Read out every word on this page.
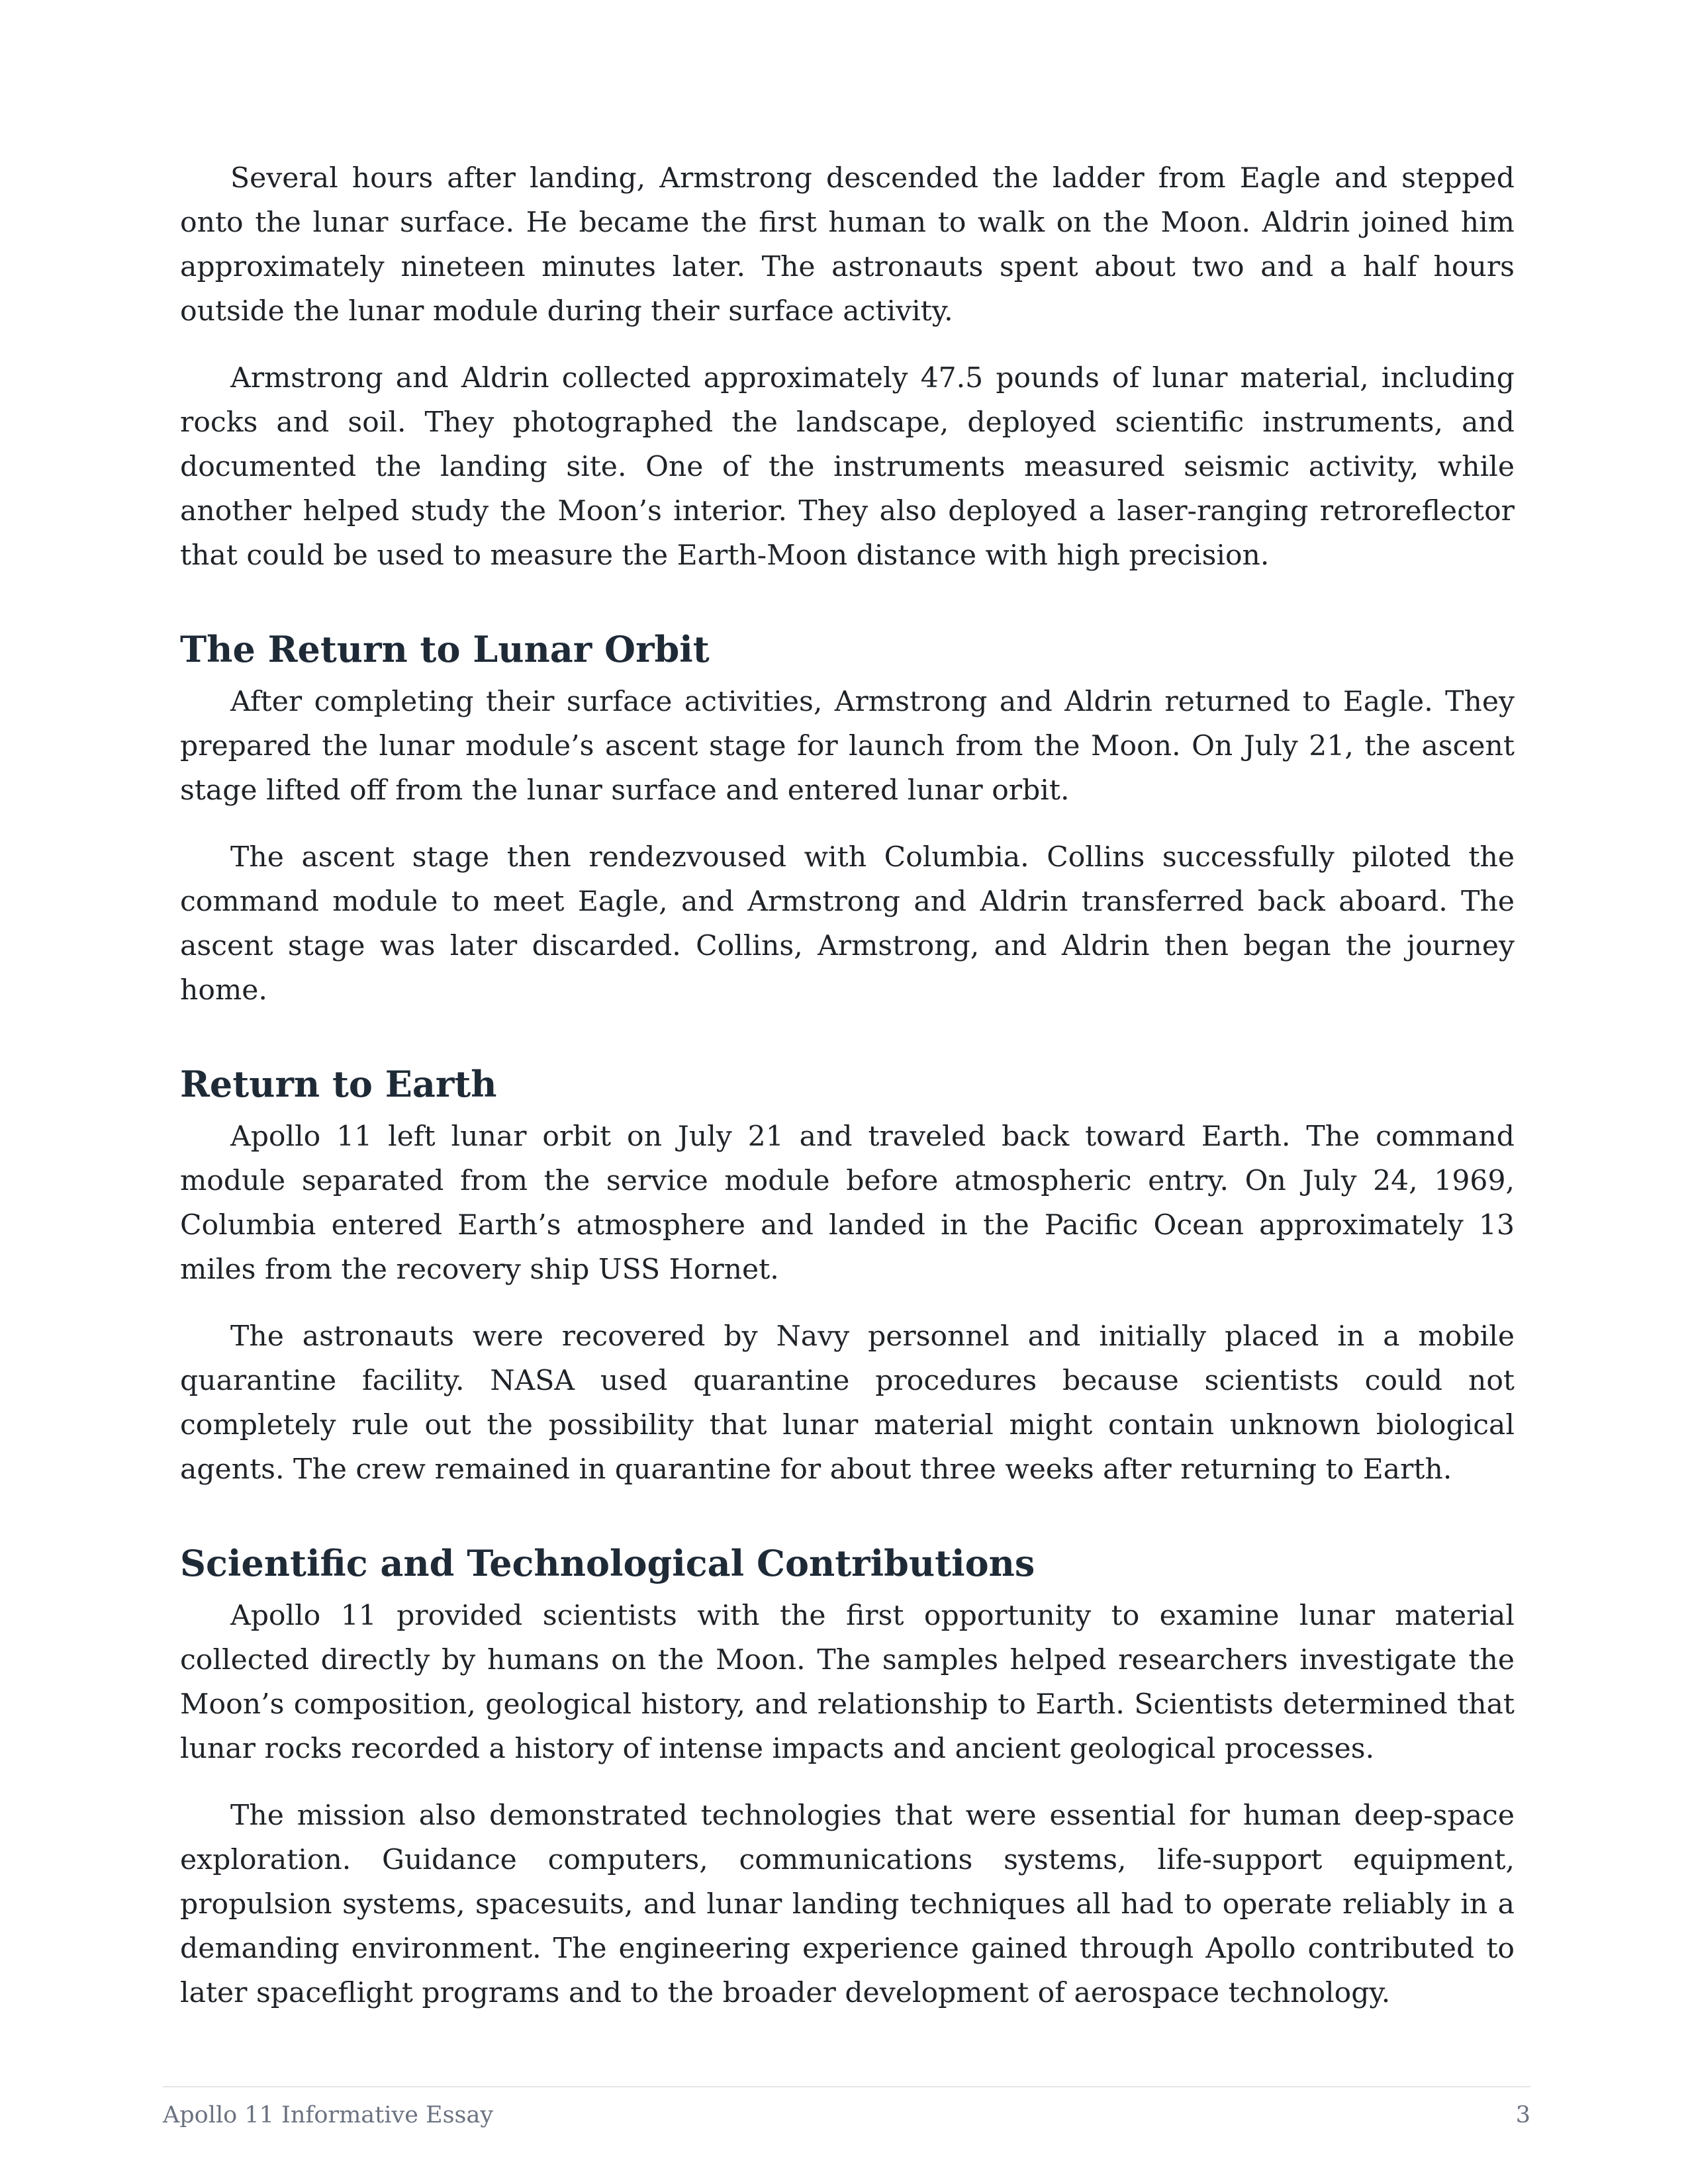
Several hours after landing, Armstrong descended the ladder from Eagle and stepped onto the lunar surface. He became the first human to walk on the Moon. Aldrin joined him approximately nineteen minutes later. The astronauts spent about two and a half hours outside the lunar module during their surface activity.

Armstrong and Aldrin collected approximately 47.5 pounds of lunar material, including rocks and soil. They photographed the landscape, deployed scientific instruments, and documented the landing site. One of the instruments measured seismic activity, while another helped study the Moon’s interior. They also deployed a laser-ranging retroreflector that could be used to measure the Earth-Moon distance with high precision.

The Return to Lunar Orbit

After completing their surface activities, Armstrong and Aldrin returned to Eagle. They prepared the lunar module’s ascent stage for launch from the Moon. On July 21, the ascent stage lifted off from the lunar surface and entered lunar orbit.

The ascent stage then rendezvoused with Columbia. Collins successfully piloted the command module to meet Eagle, and Armstrong and Aldrin transferred back aboard. The ascent stage was later discarded. Collins, Armstrong, and Aldrin then began the journey home.

Return to Earth

Apollo 11 left lunar orbit on July 21 and traveled back toward Earth. The command module separated from the service module before atmospheric entry. On July 24, 1969, Columbia entered Earth’s atmosphere and landed in the Pacific Ocean approximately 13 miles from the recovery ship USS Hornet.

The astronauts were recovered by Navy personnel and initially placed in a mobile quarantine facility. NASA used quarantine procedures because scientists could not completely rule out the possibility that lunar material might contain unknown biological agents. The crew remained in quarantine for about three weeks after returning to Earth.

Scientific and Technological Contributions

Apollo 11 provided scientists with the first opportunity to examine lunar material collected directly by humans on the Moon. The samples helped researchers investigate the Moon’s composition, geological history, and relationship to Earth. Scientists determined that lunar rocks recorded a history of intense impacts and ancient geological processes.

The mission also demonstrated technologies that were essential for human deep-space exploration. Guidance computers, communications systems, life-support equipment, propulsion systems, spacesuits, and lunar landing techniques all had to operate reliably in a demanding environment. The engineering experience gained through Apollo contributed to later spaceflight programs and to the broader development of aerospace technology.

Apollo 11 Informative Essay	3
